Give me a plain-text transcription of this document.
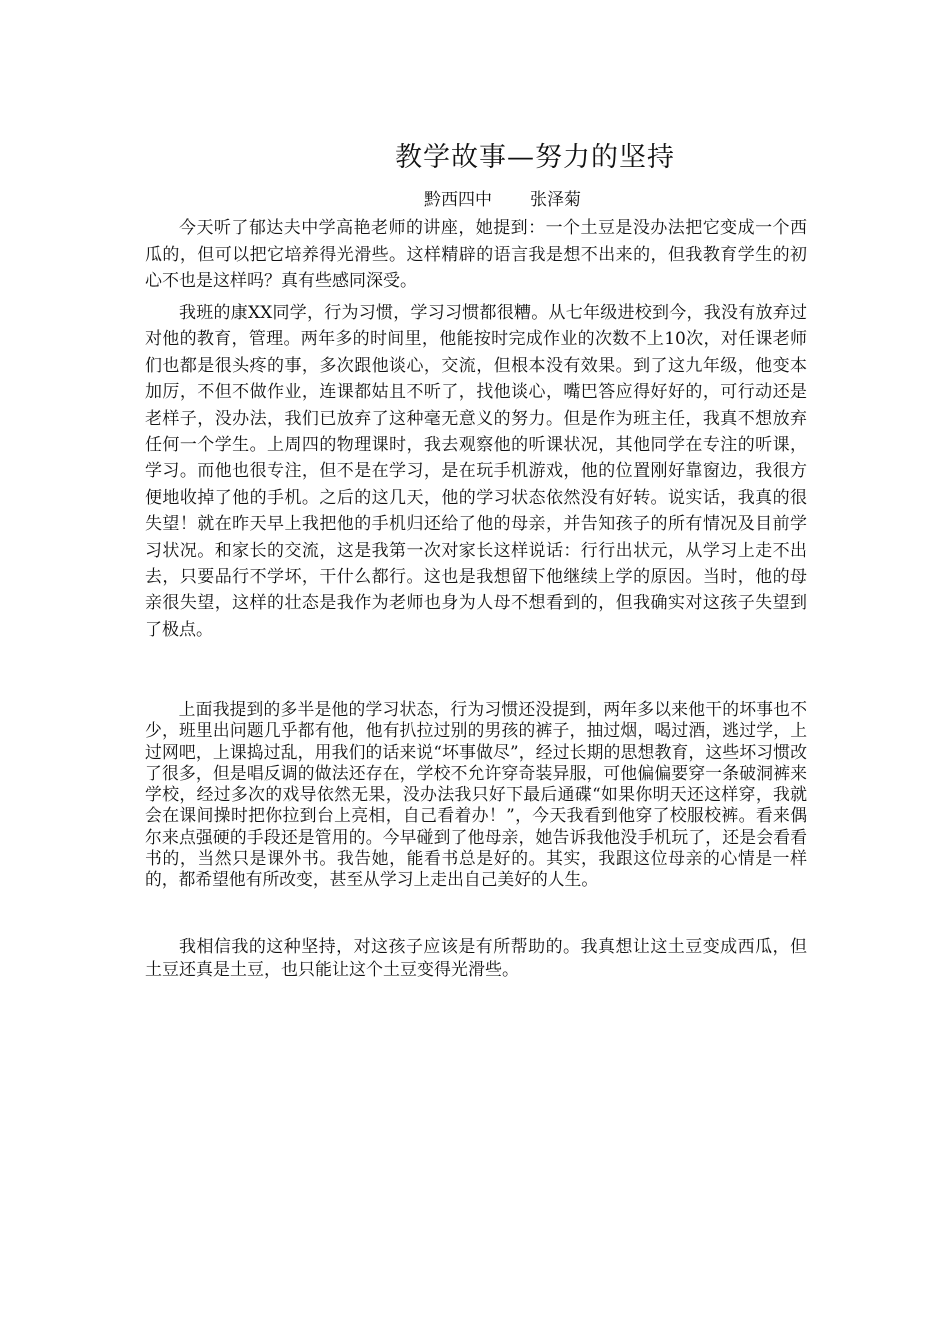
教学故事—努力的坚持

黔西四中 张泽菊

今天听了郁达夫中学高艳老师的讲座，她提到：一个土豆是没办法把它变成一个西瓜的，但可以把它培养得光滑些。这样精辟的语言我是想不出来的，但我教育学生的初心不也是这样吗？真有些感同深受。

我班的康XX同学，行为习惯，学习习惯都很糟。从七年级进校到今，我没有放弃过对他的教育，管理。两年多的时间里，他能按时完成作业的次数不上10次，对任课老师们也都是很头疼的事，多次跟他谈心，交流，但根本没有效果。到了这九年级，他变本加厉，不但不做作业，连课都姑且不听了，找他谈心，嘴巴答应得好好的，可行动还是老样子，没办法，我们已放弃了这种毫无意义的努力。但是作为班主任，我真不想放弃任何一个学生。上周四的物理课时，我去观察他的听课状况，其他同学在专注的听课，学习。而他也很专注，但不是在学习，是在玩手机游戏，他的位置刚好靠窗边，我很方便地收掉了他的手机。之后的这几天，他的学习状态依然没有好转。说实话，我真的很失望！就在昨天早上我把他的手机归还给了他的母亲，并告知孩子的所有情况及目前学习状况。和家长的交流，这是我第一次对家长这样说话：行行出状元，从学习上走不出去，只要品行不学坏，干什么都行。这也是我想留下他继续上学的原因。当时，他的母亲很失望，这样的壮态是我作为老师也身为人母不想看到的，但我确实对这孩子失望到了极点。

上面我提到的多半是他的学习状态，行为习惯还没提到，两年多以来他干的坏事也不少，班里出问题几乎都有他，他有扒拉过别的男孩的裤子，抽过烟，喝过酒，逃过学，上过网吧，上课捣过乱，用我们的话来说“坏事做尽”，经过长期的思想教育，这些坏习惯改了很多，但是唱反调的做法还存在，学校不允许穿奇装异服，可他偏偏要穿一条破洞裤来学校，经过多次的戏导依然无果，没办法我只好下最后通碟“如果你明天还这样穿，我就会在课间操时把你拉到台上亮相，自己看着办！”，今天我看到他穿了校服校裤。看来偶尔来点强硬的手段还是管用的。今早碰到了他母亲，她告诉我他没手机玩了，还是会看看书的，当然只是课外书。我告她，能看书总是好的。其实，我跟这位母亲的心情是一样的，都希望他有所改变，甚至从学习上走出自己美好的人生。

我相信我的这种坚持，对这孩子应该是有所帮助的。我真想让这土豆变成西瓜，但土豆还真是土豆，也只能让这个土豆变得光滑些。
